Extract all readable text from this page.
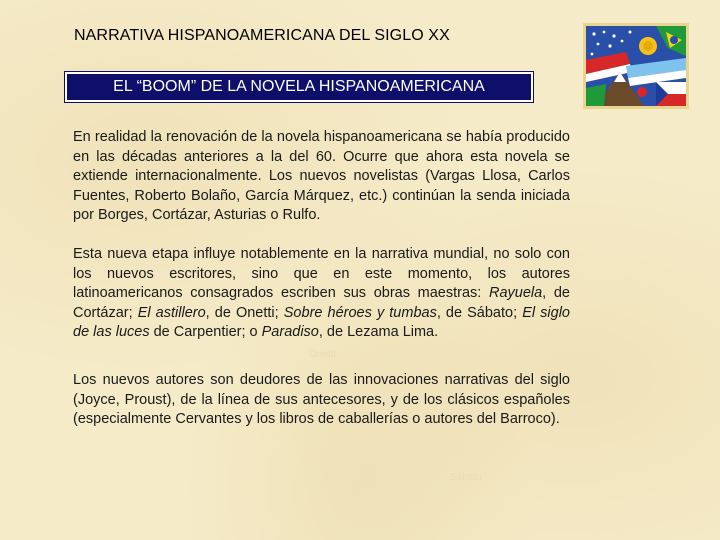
NARRATIVA HISPANOAMERICANA DEL SIGLO XX
EL “BOOM” DE LA NOVELA HISPANOAMERICANA

En realidad la renovación de la novela hispanoamericana se había producido en las décadas anteriores a la del 60. Ocurre que ahora esta novela se extiende internacionalmente. Los nuevos novelistas (Vargas Llosa, Carlos Fuentes, Roberto Bolaño, García Márquez, etc.) continúan la senda iniciada por Borges, Cortázar, Asturias o Rulfo.

Esta nueva etapa influye notablemente en la narrativa mundial, no solo con los nuevos escritores, sino que en este momento, los autores latinoamericanos consagrados escriben sus obras maestras: Rayuela, de Cortázar; El astillero, de Onetti; Sobre héroes y tumbas, de Sábato; El siglo de las luces de Carpentier; o Paradiso, de Lezama Lima.

Onetti

Los nuevos autores son deudores de las innovaciones narrativas del siglo (Joyce, Proust), de la línea de sus antecesores, y de los clásicos españoles (especialmente Cervantes y los libros de caballerías o autores del Barroco).

Sábato
